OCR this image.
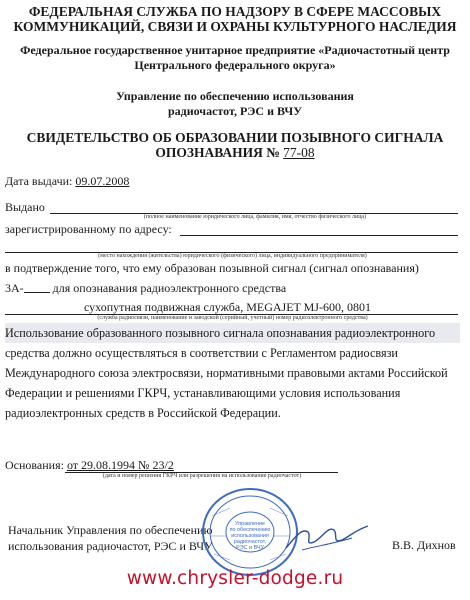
ФЕДЕРАЛЬНАЯ СЛУЖБА ПО НАДЗОРУ В СФЕРЕ МАССОВЫХ
КОММУНИКАЦИЙ, СВЯЗИ И ОХРАНЫ КУЛЬТУРНОГО НАСЛЕДИЯ
Федеральное государственное унитарное предприятие «Радиочастотный центр
Центрального федерального округа»
Управление по обеспечению использования
радиочастот, РЭС и ВЧУ
СВИДЕТЕЛЬСТВО ОБ ОБРАЗОВАНИИ ПОЗЫВНОГО СИГНАЛА
ОПОЗНАВАНИЯ № 77-08
Дата выдачи: 09.07.2008
Выдано
(полное наименование юридического лица, фамилия, имя, отчество физического лица)
зарегистрированному по адресу:
(место нахождения (жительства) юридического (физического) лица, индивидуального предпринимателя)
в подтверждение того, что ему образован позывной сигнал (сигнал опознавания)
3А- для опознавания радиоэлектронного средства
сухопутная подвижная служба, MEGAJET MJ-600, 0801
(служба радиосвязи, наименование и заводской (серийный, учетный) номер радиоэлектронного средства)
Использование образованного позывного сигнала опознавания радиоэлектронного
средства должно осуществляться в соответствии с Регламентом радиосвязи
Международного союза электросвязи, нормативными правовыми актами Российской
Федерации и решениями ГКРЧ, устанавливающими условия использования
радиоэлектронных средств в Российской Федерации.
Основания: от 29.08.1994 № 23/2
(дата и номер решения ГКРЧ или разрешения на использование радиочастот)
Начальник Управления по обеспечению
использования радиочастот, РЭС и ВЧУ	В.В. Дихнов
Управление
по обеспечению
использования
радиочастот,
РЭС и ВЧУ
www.chrysler-dodge.ru
